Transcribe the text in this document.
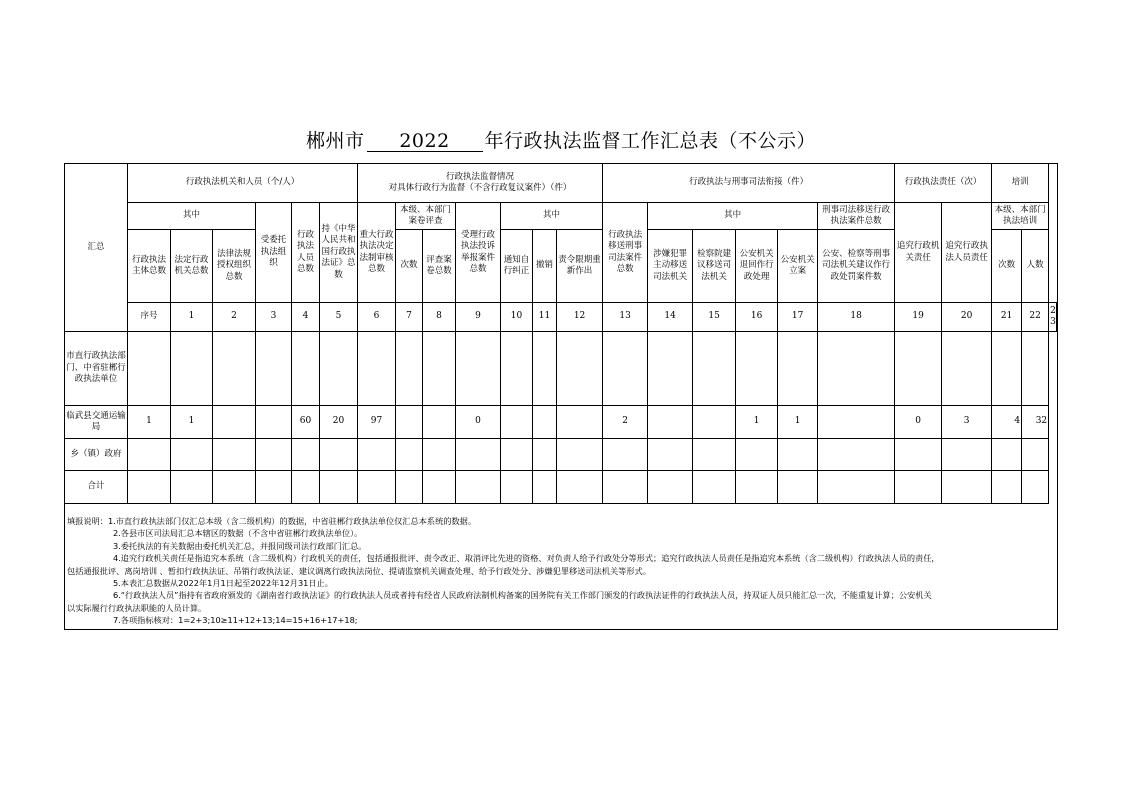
郴州市 2022 年行政执法监督工作汇总表（不公示）
汇总	行政执法机关和人员（个/人）						行政执法监督情况
对具体行政行为监督（不含行政复议案件）（件）							行政执法与刑事司法衔接（件）						行政执法责任（次）		培训		
	其中			受委托执法组织	行政执法人员总数	持《中华人民共和国行政执法证》总数	重大行政执法决定法制审核总数	本级、本部门案卷评查		受理行政执法投诉举报案件总数	其中			行政执法移送刑事司法案件总数	其中				刑事司法移送行政执法案件总数	追究行政机关责任	追究行政执法人员责任	本级、本部门执法培训		
	行政执法主体总数	法定行政机关总数	法律法规授权组织总数					次数	评查案卷总数		通知自行纠正	撤销	责令限期重新作出		涉嫌犯罪主动移送司法机关	检察院建议移送司法机关	公安机关退回作行政处理	公安机关立案	公安、检察等刑事司法机关建议作行政处罚案件数			次数	人数	
	序号	1	2	3	4	5	6	7	8	9	10	11	12	13	14	15	16	17	18	19	20	21	22	23
市直行政执法部门、中省驻郴行政执法单位																								
临武县交通运输局	1	1			60	20	97			0				2			1	1		0	3	4	32	
乡（镇）政府																								
合计																								

填报说明：1.市直行政执法部门仅汇总本级（含二级机构）的数据，中省驻郴行政执法单位仅汇总本系统的数据。

2.各县市区司法局汇总本辖区的数据（不含中省驻郴行政执法单位）。

3.委托执法的有关数据由委托机关汇总，并报同级司法行政部门汇总。

4.追究行政机关责任是指追究本系统（含二级机构）行政机关的责任，包括通报批评、责令改正、取消评比先进的资格、对负责人给予行政处分等形式；追究行政执法人员责任是指追究本系统（含二级机构）行政执法人员的责任，

包括通报批评、离岗培训 、暂扣行政执法证、吊销行政执法证、建议调离行政执法岗位、提请监察机关调查处理、给予行政处分、涉嫌犯罪移送司法机关等形式。

5.本表汇总数据从2022年1月1日起至2022年12月31日止。

6.“行政执法人员”指持有省政府颁发的《湖南省行政执法证》的行政执法人员或者持有经省人民政府法制机构备案的国务院有关工作部门颁发的行政执法证件的行政执法人员，持双证人员只能汇总一次，不能重复计算；公安机关

以实际履行行政执法职能的人员计算。

7.各项指标核对：1=2+3;10≥11+12+13;14=15+16+17+18;
